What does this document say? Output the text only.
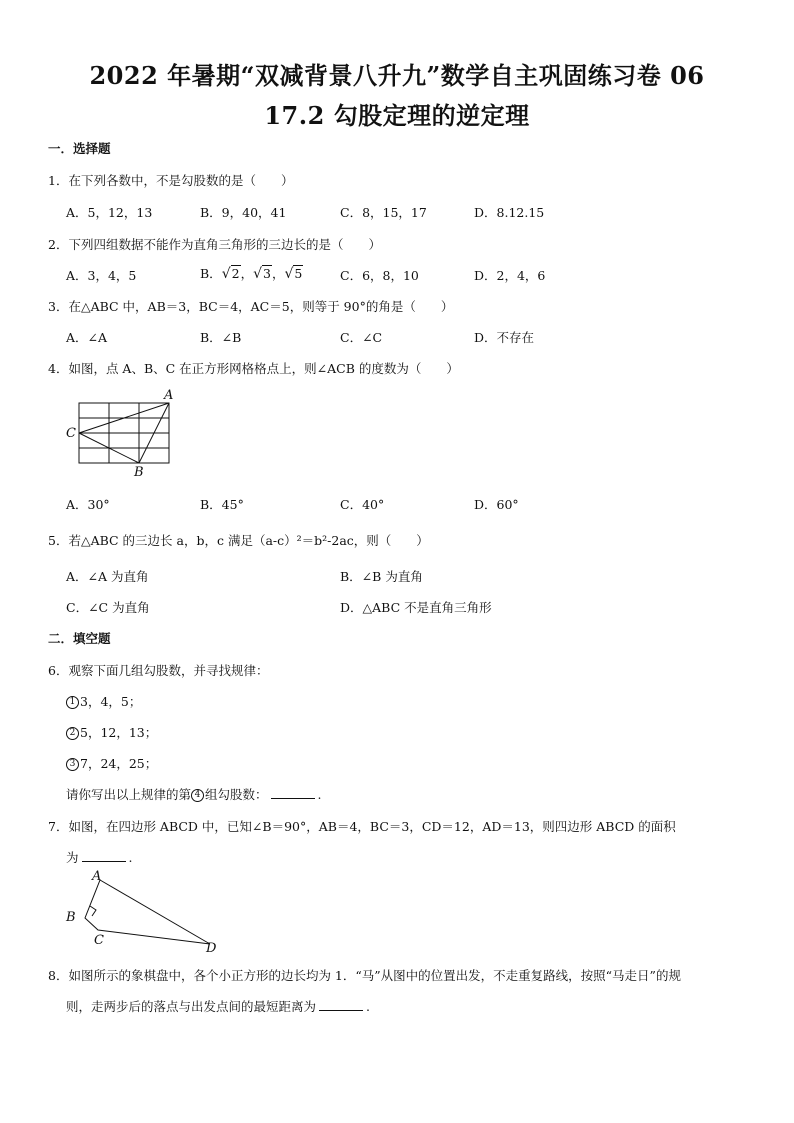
2022 年暑期“双减背景八升九”数学自主巩固练习卷 06
17.2 勾股定理的逆定理
一．选择题
1．在下列各数中，不是勾股数的是（　　）
A．5，12，13	B．9，40，41	C．8，15，17	D．8.12.15
2．下列四组数据不能作为直角三角形的三边长的是（　　）
A．3，4，5	B．√2，√3，√5	C．6，8，10	D．2，4，6
3．在△ABC 中，AB＝3，BC＝4，AC＝5，则等于 90°的角是（　　）
A．∠A	B．∠B	C．∠C	D．不存在
4．如图，点 A、B、C 在正方形网格格点上，则∠ACB 的度数为（　　）
A
C
B
A．30°	B．45°	C．40°	D．60°
5．若△ABC 的三边长 a，b，c 满足（a-c）²＝b²-2ac，则（　　）
A．∠A 为直角	B．∠B 为直角
C．∠C 为直角	D．△ABC 不是直角三角形
二．填空题
6．观察下面几组勾股数，并寻找规律：
1 3，4，5；
2 5，12，13；
3 7，24，25；
请你写出以上规律的第 4 组勾股数：	.
7．如图，在四边形 ABCD 中，已知∠B＝90°，AB＝4，BC＝3，CD＝12，AD＝13，则四边形 ABCD 的面积
为	.
A
B
C
D
8．如图所示的象棋盘中，各个小正方形的边长均为 1．“马”从图中的位置出发，不走重复路线，按照“马走日”的规
则，走两步后的落点与出发点间的最短距离为	.
